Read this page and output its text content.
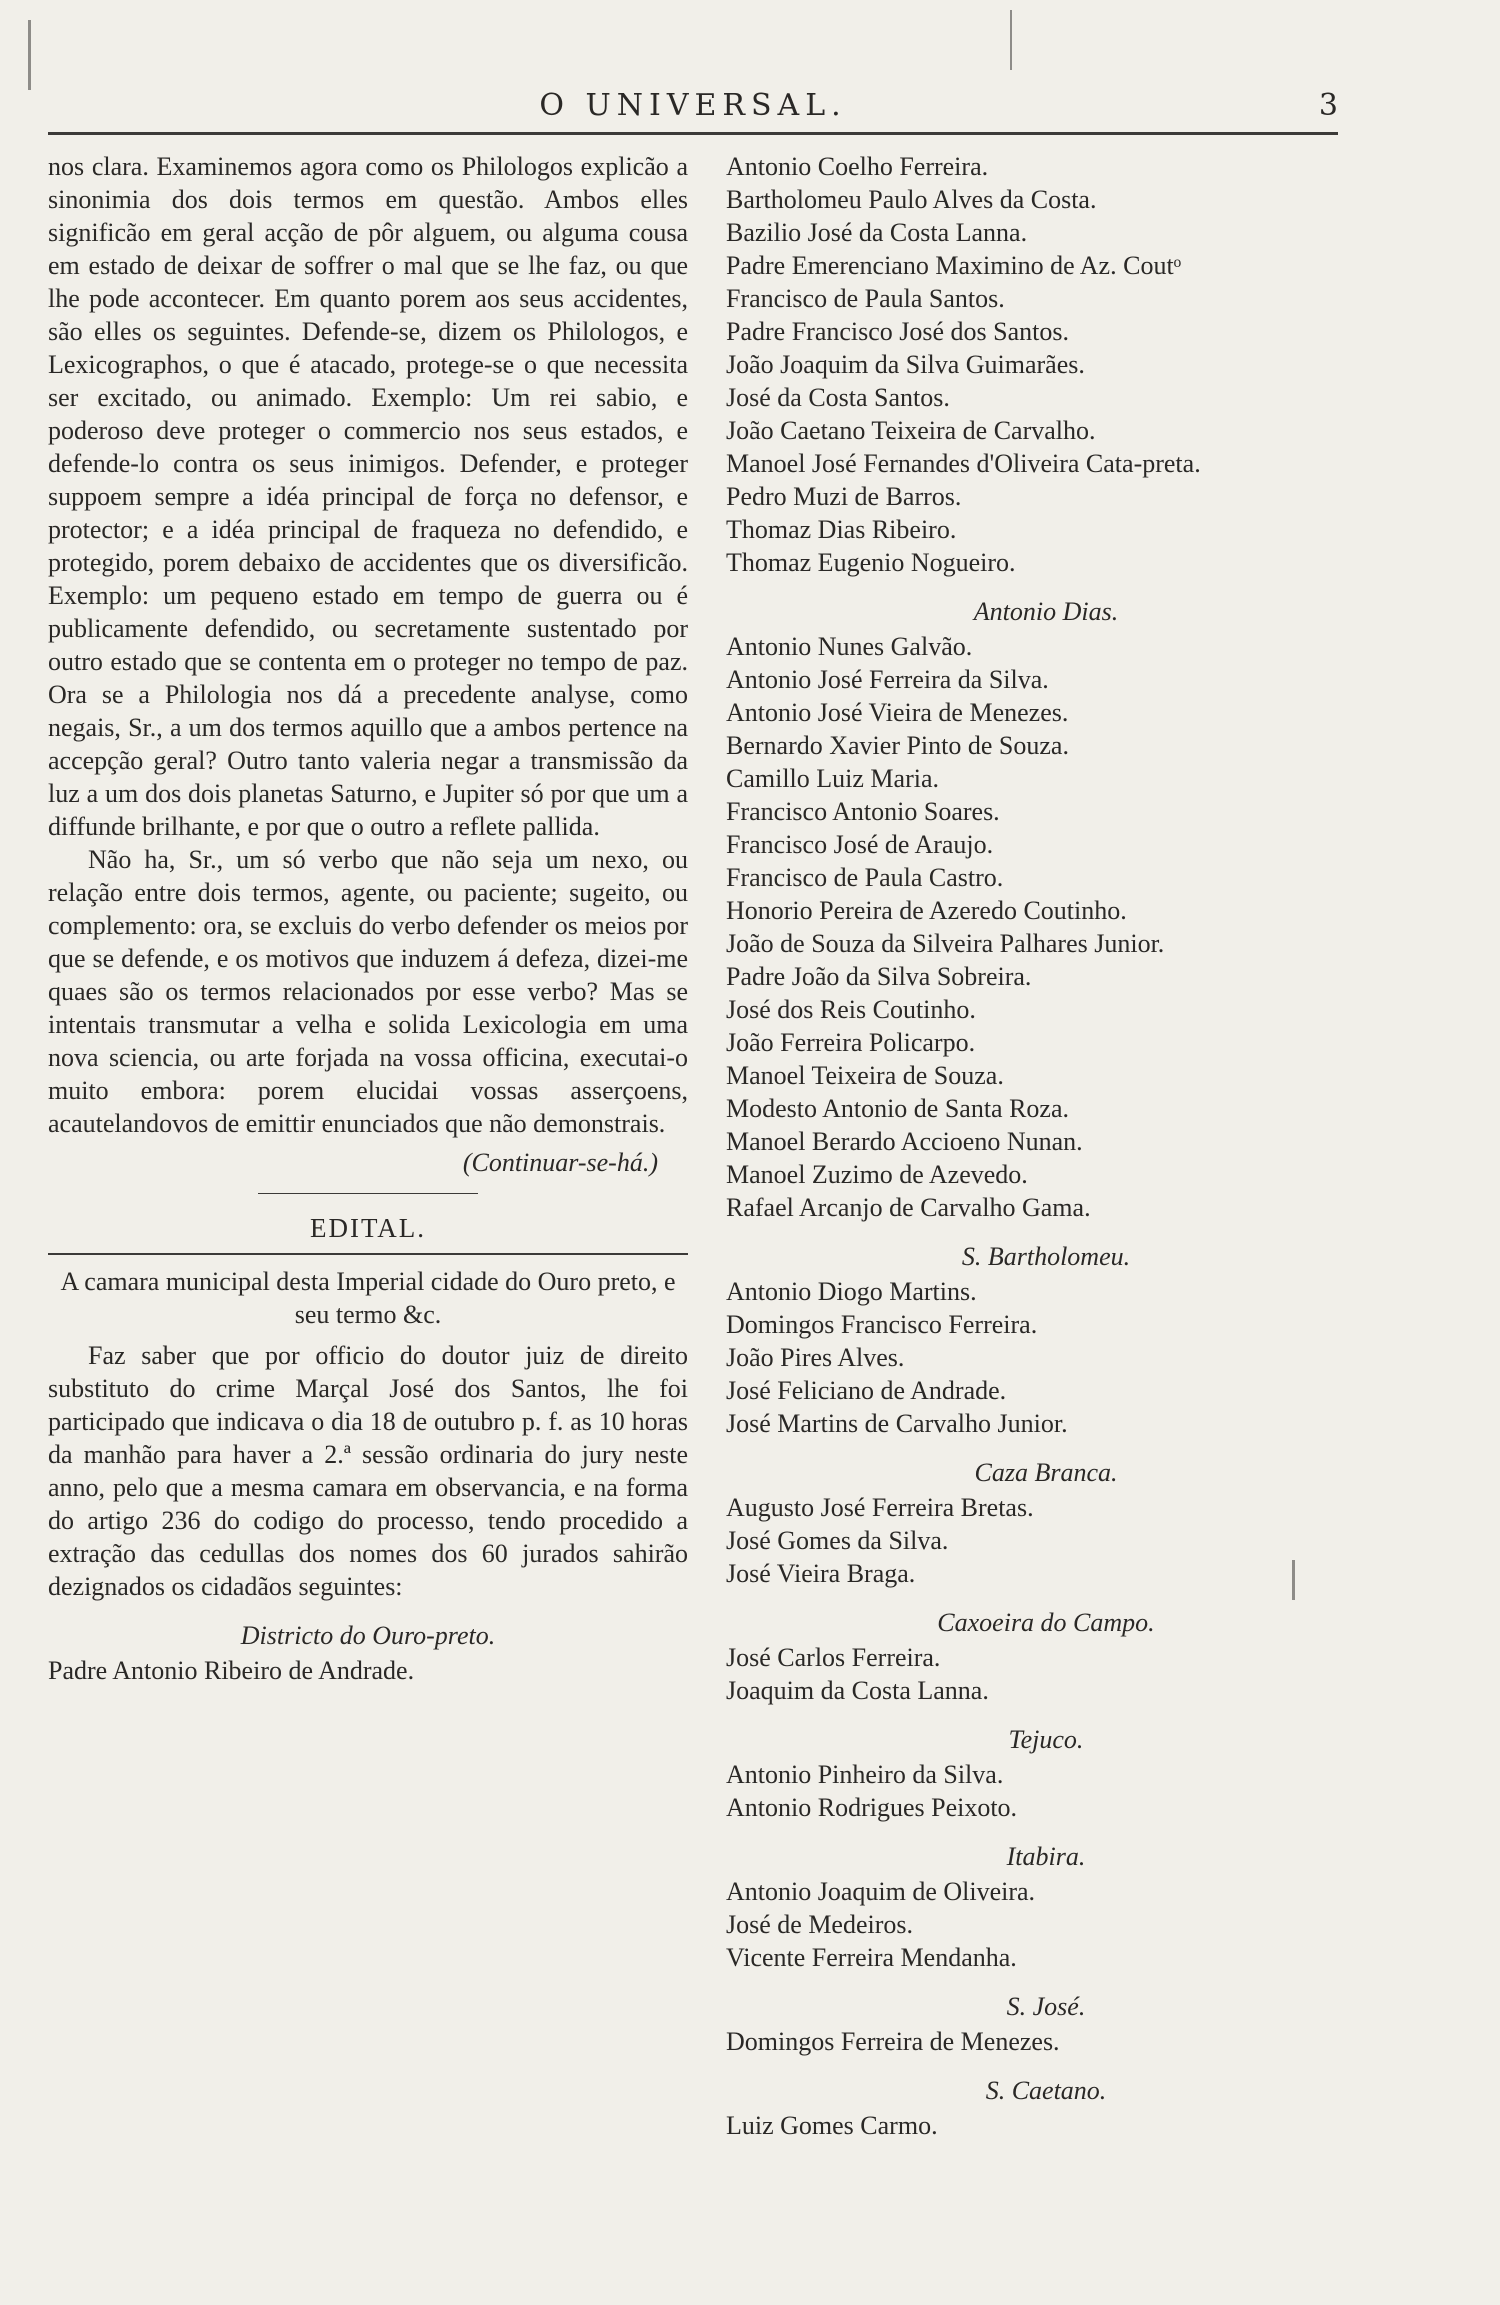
O UNIVERSAL.	3

nos clara. Examinemos agora como os Philologos explicão a sinonimia dos dois termos em questão. Ambos elles significão em geral acção de pôr alguem, ou alguma cousa em estado de deixar de soffrer o mal que se lhe faz, ou que lhe pode accontecer. Em quanto porem aos seus accidentes, são elles os seguintes. Defende-se, dizem os Philologos, e Lexicographos, o que é atacado, protege-se o que necessita ser excitado, ou animado. Exemplo: Um rei sabio, e poderoso deve proteger o commercio nos seus estados, e defende-lo contra os seus inimigos. Defender, e proteger suppoem sempre a idéa principal de força no defensor, e protector; e a idéa principal de fraqueza no defendido, e protegido, porem debaixo de accidentes que os diversificão. Exemplo: um pequeno estado em tempo de guerra ou é publicamente defendido, ou secretamente sustentado por outro estado que se contenta em o proteger no tempo de paz. Ora se a Philologia nos dá a precedente analyse, como negais, Sr., a um dos termos aquillo que a ambos pertence na accepção geral? Outro tanto valeria negar a transmissão da luz a um dos dois planetas Saturno, e Jupiter só por que um a diffunde brilhante, e por que o outro a reflete pallida.

Não ha, Sr., um só verbo que não seja um nexo, ou relação entre dois termos, agente, ou paciente; sugeito, ou complemento: ora, se excluis do verbo defender os meios por que se defende, e os motivos que induzem á defeza, dizei-me quaes são os termos relacionados por esse verbo? Mas se intentais transmutar a velha e solida Lexicologia em uma nova sciencia, ou arte forjada na vossa officina, executai-o muito embora: porem elucidai vossas asserçoens, acautelandovos de emittir enunciados que não demonstrais.

(Continuar-se-há.)
EDITAL.
A camara municipal desta Imperial cidade do Ouro preto, e seu termo &c.

Faz saber que por officio do doutor juiz de direito substituto do crime Marçal José dos Santos, lhe foi participado que indicava o dia 18 de outubro p. f. as 10 horas da manhão para haver a 2.ª sessão ordinaria do jury neste anno, pelo que a mesma camara em observancia, e na forma do artigo 236 do codigo do processo, tendo procedido a extração das cedullas dos nomes dos 60 jurados sahirão dezignados os cidadãos seguintes:

Districto do Ouro-preto.
Padre Antonio Ribeiro de Andrade.
Antonio Coelho Ferreira.
Bartholomeu Paulo Alves da Costa.
Bazilio José da Costa Lanna.
Padre Emerenciano Maximino de Az. Coutᵒ
Francisco de Paula Santos.
Padre Francisco José dos Santos.
João Joaquim da Silva Guimarães.
José da Costa Santos.
João Caetano Teixeira de Carvalho.
Manoel José Fernandes d'Oliveira Cata-preta.
Pedro Muzi de Barros.
Thomaz Dias Ribeiro.
Thomaz Eugenio Nogueiro.
Antonio Dias.
Antonio Nunes Galvão.
Antonio José Ferreira da Silva.
Antonio José Vieira de Menezes.
Bernardo Xavier Pinto de Souza.
Camillo Luiz Maria.
Francisco Antonio Soares.
Francisco José de Araujo.
Francisco de Paula Castro.
Honorio Pereira de Azeredo Coutinho.
João de Souza da Silveira Palhares Junior.
Padre João da Silva Sobreira.
José dos Reis Coutinho.
João Ferreira Policarpo.
Manoel Teixeira de Souza.
Modesto Antonio de Santa Roza.
Manoel Berardo Accioeno Nunan.
Manoel Zuzimo de Azevedo.
Rafael Arcanjo de Carvalho Gama.
S. Bartholomeu.
Antonio Diogo Martins.
Domingos Francisco Ferreira.
João Pires Alves.
José Feliciano de Andrade.
José Martins de Carvalho Junior.
Caza Branca.
Augusto José Ferreira Bretas.
José Gomes da Silva.
José Vieira Braga.
Caxoeira do Campo.
José Carlos Ferreira.
Joaquim da Costa Lanna.
Tejuco.
Antonio Pinheiro da Silva.
Antonio Rodrigues Peixoto.
Itabira.
Antonio Joaquim de Oliveira.
José de Medeiros.
Vicente Ferreira Mendanha.
S. José.
Domingos Ferreira de Menezes.
S. Caetano.
Luiz Gomes Carmo.
